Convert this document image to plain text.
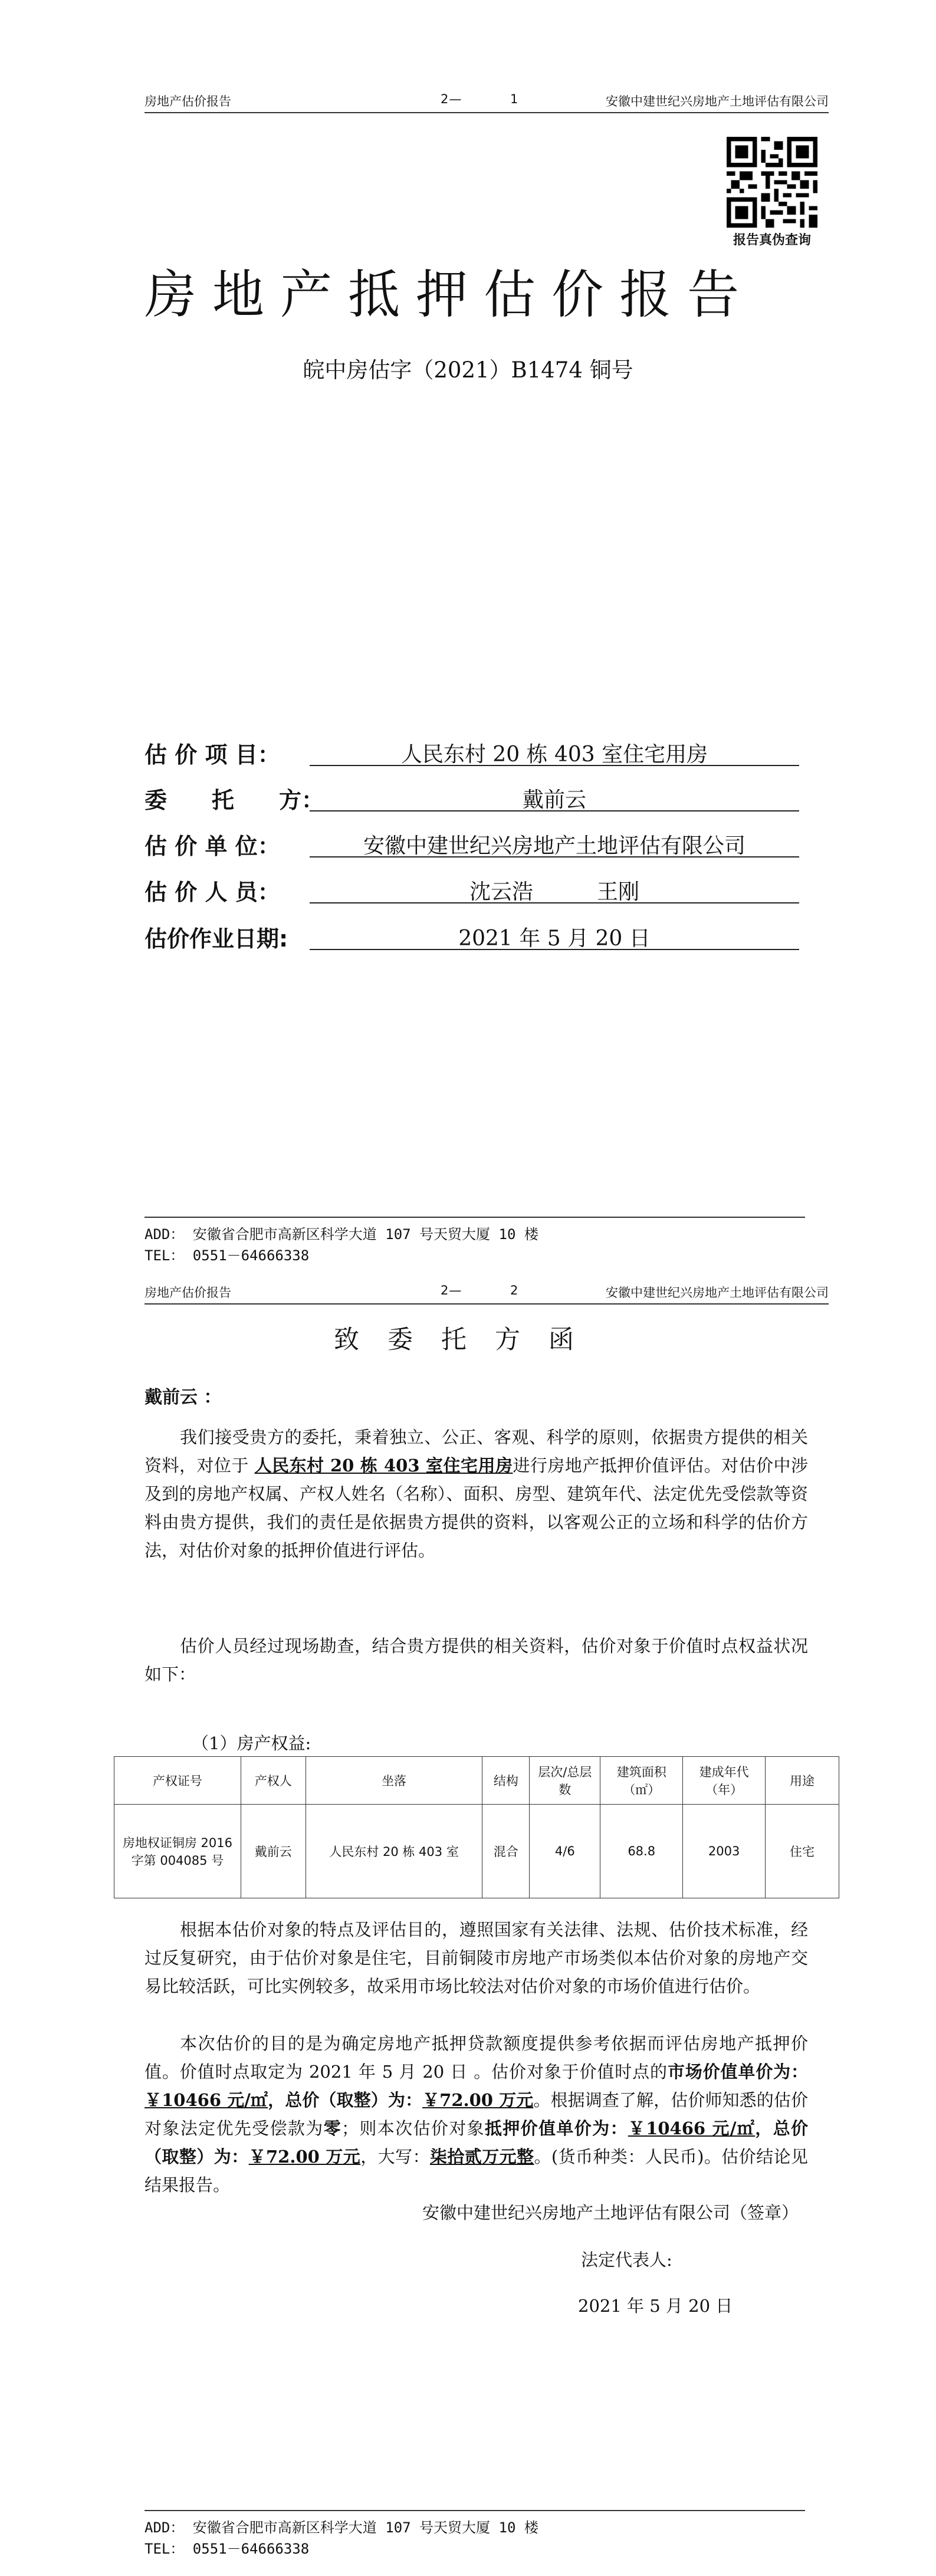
房地产估价报告	2—	1	安徽中建世纪兴房地产土地评估有限公司
报告真伪查询
房地产抵押估价报告
皖中房估字（2021）B1474 铜号
估 价 项 目：	人民东村 20 栋 403 室住宅用房
委　　托　　方：	戴前云
估 价 单 位：	安徽中建世纪兴房地产土地评估有限公司
估 价 人 员：	沈云浩　　　王刚
估价作业日期:	2021 年 5 月 20 日
ADD： 安徽省合肥市高新区科学大道 107 号天贸大厦 10 楼
TEL： 0551－64666338
房地产估价报告	2—	2	安徽中建世纪兴房地产土地评估有限公司
致委托方函
戴前云 ：

我们接受贵方的委托，秉着独立、公正、客观、科学的原则，依据贵方提供的相关资料，对位于 人民东村 20 栋 403 室住宅用房进行房地产抵押价值评估。对估价中涉及到的房地产权属、产权人姓名（名称）、面积、房型、建筑年代、法定优先受偿款等资料由贵方提供，我们的责任是依据贵方提供的资料，以客观公正的立场和科学的估价方法，对估价对象的抵押价值进行评估。

估价人员经过现场勘查，结合贵方提供的相关资料，估价对象于价值时点权益状况如下：

（1）房产权益:
产权证号	产权人	坐落	结构	层次/总层数	建筑面积（㎡）	建成年代（年）	用途
房地权证铜房 2016 字第 004085 号	戴前云	人民东村 20 栋 403 室	混合	4/6	68.8	2003	住宅

根据本估价对象的特点及评估目的，遵照国家有关法律、法规、估价技术标准，经过反复研究，由于估价对象是住宅，目前铜陵市房地产市场类似本估价对象的房地产交易比较活跃，可比实例较多，故采用市场比较法对估价对象的市场价值进行估价。

本次估价的目的是为确定房地产抵押贷款额度提供参考依据而评估房地产抵押价值。价值时点取定为 2021 年 5 月 20 日 。估价对象于价值时点的市场价值单价为：￥10466 元/㎡，总价（取整）为：￥72.00 万元。根据调查了解，估价师知悉的估价对象法定优先受偿款为零；则本次估价对象抵押价值单价为：￥10466 元/㎡，总价（取整）为：￥72.00 万元，大写：柒拾贰万元整。(货币种类：人民币)。估价结论见结果报告。

安徽中建世纪兴房地产土地评估有限公司（签章）
法定代表人:
2021 年 5 月 20 日
ADD： 安徽省合肥市高新区科学大道 107 号天贸大厦 10 楼
TEL： 0551－64666338
